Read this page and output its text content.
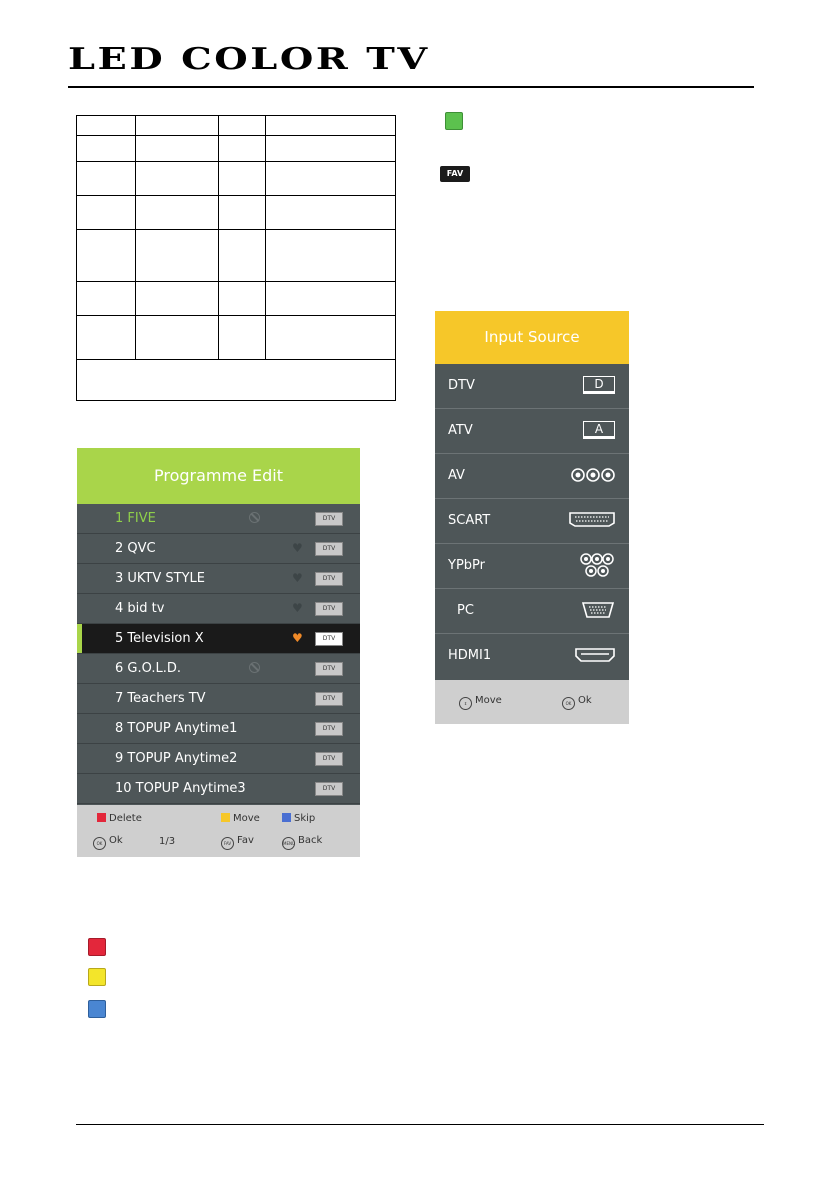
LED COLOR TV

FAV
Programme Edit
1 FIVE	DTV
2 QVC	♥	DTV
3 UKTV STYLE	♥	DTV
4 bid tv	♥	DTV
5 Television X	♥	DTV
6 G.O.L.D.	DTV
7 Teachers TV	DTV
8 TOPUP Anytime1	DTV
9 TOPUP Anytime2	DTV
10 TOPUP Anytime3	DTV
Delete	Move	Skip
OK Ok	1/3	FAV Fav	MENU Back
Input Source
DTV	D
ATV	A
AV
SCART
YPbPr
PC
HDMI1
⇕ Move	OK Ok
